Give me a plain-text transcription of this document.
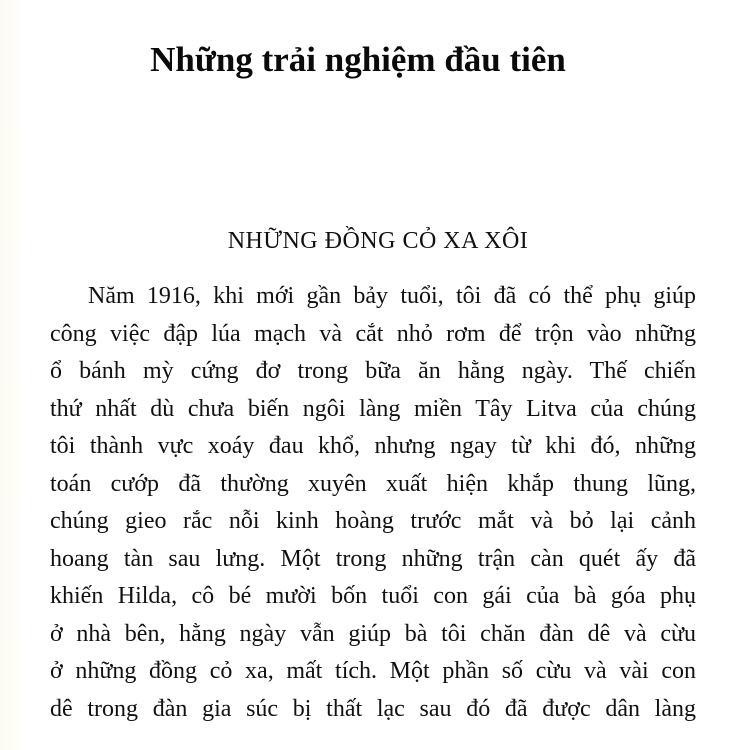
Những trải nghiệm đầu tiên
NHỮNG ĐỒNG CỎ XA XÔI
Năm 1916, khi mới gần bảy tuổi, tôi đã có thể phụ giúp
công việc đập lúa mạch và cắt nhỏ rơm để trộn vào những
ổ bánh mỳ cứng đơ trong bữa ăn hằng ngày. Thế chiến
thứ nhất dù chưa biến ngôi làng miền Tây Litva của chúng
tôi thành vực xoáy đau khổ, nhưng ngay từ khi đó, những
toán cướp đã thường xuyên xuất hiện khắp thung lũng,
chúng gieo rắc nỗi kinh hoàng trước mắt và bỏ lại cảnh
hoang tàn sau lưng. Một trong những trận càn quét ấy đã
khiến Hilda, cô bé mười bốn tuổi con gái của bà góa phụ
ở nhà bên, hằng ngày vẫn giúp bà tôi chăn đàn dê và cừu
ở những đồng cỏ xa, mất tích. Một phần số cừu và vài con
dê trong đàn gia súc bị thất lạc sau đó đã được dân làng
